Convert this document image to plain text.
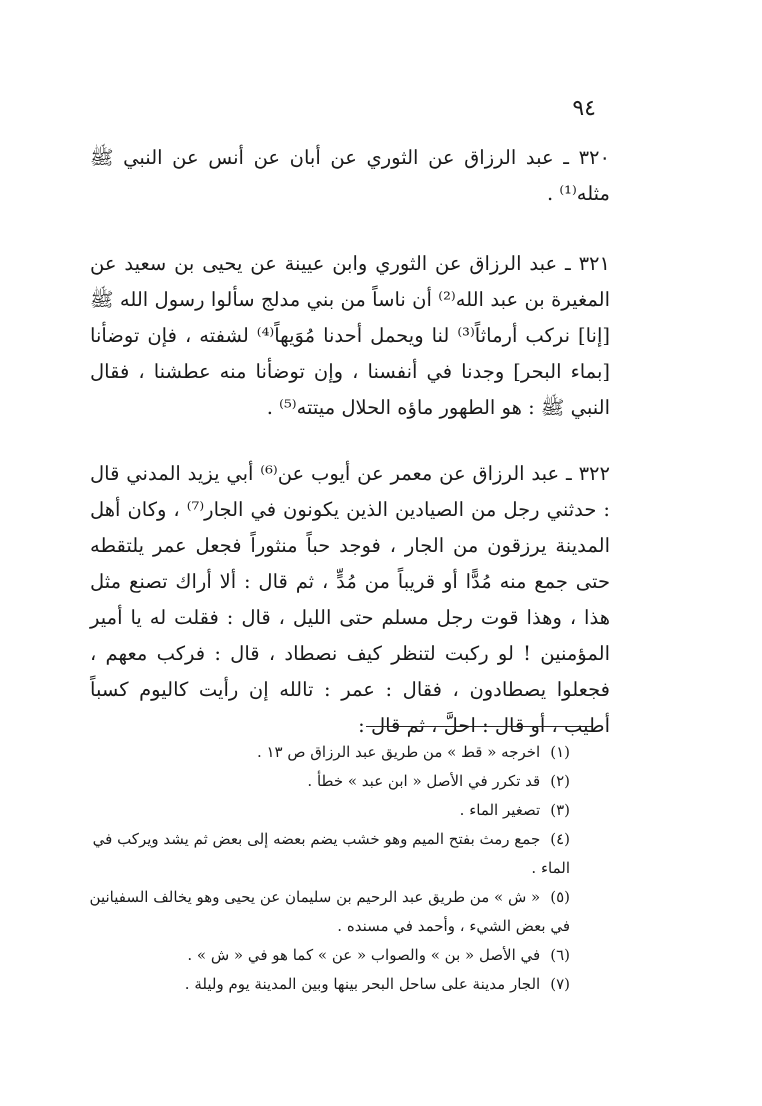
٩٤

٣٢٠ ـ عبد الرزاق عن الثوري عن أبان عن أنس عن النبي ﷺ مثله⁽¹⁾ .

٣٢١ ـ عبد الرزاق عن الثوري وابن عيينة عن يحيى بن سعيد عن المغيرة بن عبد الله⁽²⁾ أن ناساً من بني مدلج سألوا رسول الله ﷺ [إنا] نركب أرماثاً⁽³⁾ لنا ويحمل أحدنا مُوَيهاً⁽⁴⁾ لشفته ، فإن توضأنا [بماء البحر] وجدنا في أنفسنا ، وإن توضأنا منه عطشنا ، فقال النبي ﷺ : هو الطهور ماؤه الحلال ميتته⁽⁵⁾ .

٣٢٢ ـ عبد الرزاق عن معمر عن أيوب عن⁽⁶⁾ أبي يزيد المدني قال : حدثني رجل من الصيادين الذين يكونون في الجار⁽⁷⁾ ، وكان أهل المدينة يرزقون من الجار ، فوجد حباً منثوراً فجعل عمر يلتقطه حتى جمع منه مُدًّا أو قريباً من مُدٍّ ، ثم قال : ألا أراك تصنع مثل هذا ، وهذا قوت رجل مسلم حتى الليل ، قال : فقلت له يا أمير المؤمنين ! لو ركبت لتنظر كيف نصطاد ، قال : فركب معهم ، فجعلوا يصطادون ، فقال : عمر : تالله إن رأيت كاليوم كسباً أطيب ، أو قال : احلَّ ، ثم قال :

(١)اخرجه « قط » من طريق عبد الرزاق ص ١٣ .

(٢)قد تكرر في الأصل « ابن عبد » خطأ .

(٣)تصغير الماء .

(٤)جمع رمث بفتح الميم وهو خشب يضم بعضه إلى بعض ثم يشد ويركب في الماء .

(٥)« ش » من طريق عبد الرحيم بن سليمان عن يحيى وهو يخالف السفيانين في بعض الشيء ، وأحمد في مسنده .

(٦)في الأصل « بن » والصواب « عن » كما هو في « ش » .

(٧)الجار مدينة على ساحل البحر بينها وبين المدينة يوم وليلة .
